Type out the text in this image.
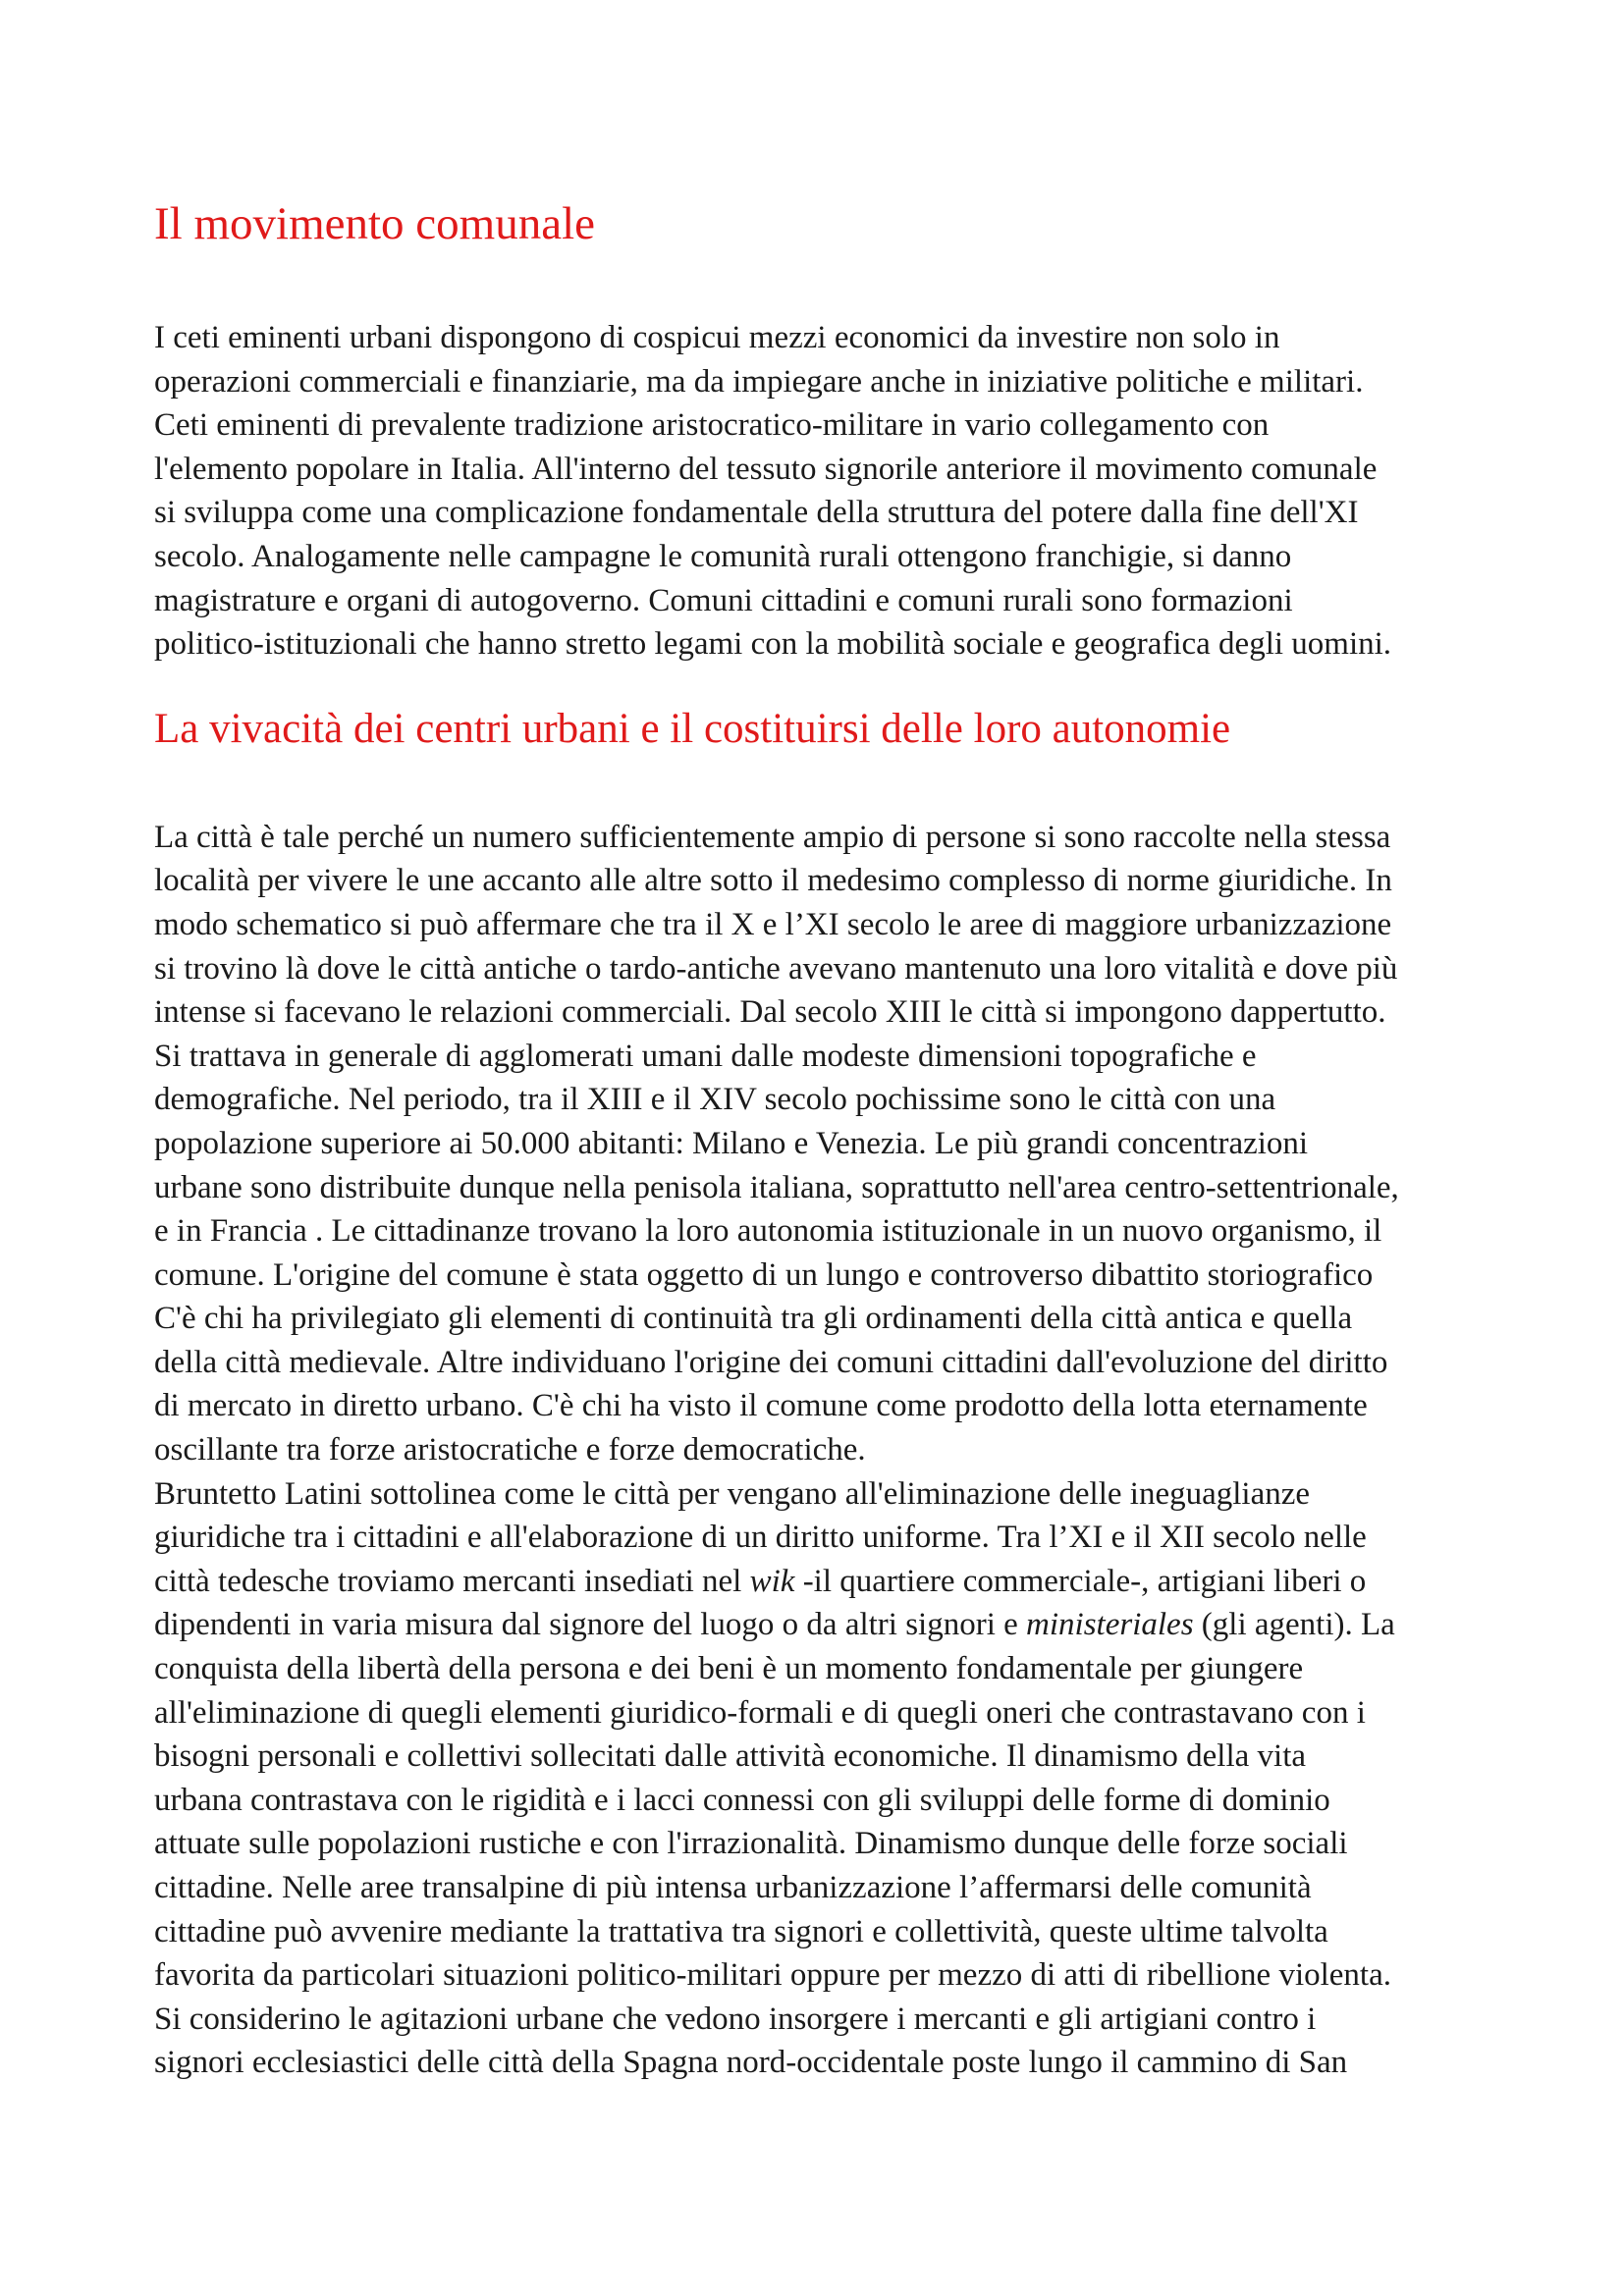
Il movimento comunale
I ceti eminenti urbani dispongono di cospicui mezzi economici da investire non solo in
operazioni commerciali e finanziarie, ma da impiegare anche in iniziative politiche e militari.
Ceti eminenti di prevalente tradizione aristocratico-militare in vario collegamento con
l'elemento popolare in Italia. All'interno del tessuto signorile anteriore il movimento comunale
si sviluppa come una complicazione fondamentale della struttura del potere dalla fine dell'XI
secolo. Analogamente nelle campagne le comunità rurali ottengono franchigie, si danno
magistrature e organi di autogoverno. Comuni cittadini e comuni rurali sono formazioni
politico-istituzionali che hanno stretto legami con la mobilità sociale e geografica degli uomini.
La vivacità dei centri urbani e il costituirsi delle loro autonomie
La città è tale perché un numero sufficientemente ampio di persone si sono raccolte nella stessa
località per vivere le une accanto alle altre sotto il medesimo complesso di norme giuridiche. In
modo schematico si può affermare che tra il X e l’XI secolo le aree di maggiore urbanizzazione
si trovino là dove le città antiche o tardo-antiche avevano mantenuto una loro vitalità e dove più
intense si facevano le relazioni commerciali. Dal secolo XIII le città si impongono dappertutto.
Si trattava in generale di agglomerati umani dalle modeste dimensioni topografiche e
demografiche. Nel periodo, tra il XIII e il XIV secolo pochissime sono le città con una
popolazione superiore ai 50.000 abitanti: Milano e Venezia. Le più grandi concentrazioni
urbane sono distribuite dunque nella penisola italiana, soprattutto nell'area centro-settentrionale,
e in Francia . Le cittadinanze trovano la loro autonomia istituzionale in un nuovo organismo, il
comune. L'origine del comune è stata oggetto di un lungo e controverso dibattito storiografico
C'è chi ha privilegiato gli elementi di continuità tra gli ordinamenti della città antica e quella
della città medievale. Altre individuano l'origine dei comuni cittadini dall'evoluzione del diritto
di mercato in diretto urbano. C'è chi ha visto il comune come prodotto della lotta eternamente
oscillante tra forze aristocratiche e forze democratiche.
Bruntetto Latini sottolinea come le città per vengano all'eliminazione delle ineguaglianze
giuridiche tra i cittadini e all'elaborazione di un diritto uniforme. Tra l’XI e il XII secolo nelle
città tedesche troviamo mercanti insediati nel wik -il quartiere commerciale-, artigiani liberi o
dipendenti in varia misura dal signore del luogo o da altri signori e ministeriales (gli agenti). La
conquista della libertà della persona e dei beni è un momento fondamentale per giungere
all'eliminazione di quegli elementi giuridico-formali e di quegli oneri che contrastavano con i
bisogni personali e collettivi sollecitati dalle attività economiche. Il dinamismo della vita
urbana contrastava con le rigidità e i lacci connessi con gli sviluppi delle forme di dominio
attuate sulle popolazioni rustiche e con l'irrazionalità. Dinamismo dunque delle forze sociali
cittadine. Nelle aree transalpine di più intensa urbanizzazione l’affermarsi delle comunità
cittadine può avvenire mediante la trattativa tra signori e collettività, queste ultime talvolta
favorita da particolari situazioni politico-militari oppure per mezzo di atti di ribellione violenta.
Si considerino le agitazioni urbane che vedono insorgere i mercanti e gli artigiani contro i
signori ecclesiastici delle città della Spagna nord-occidentale poste lungo il cammino di San
